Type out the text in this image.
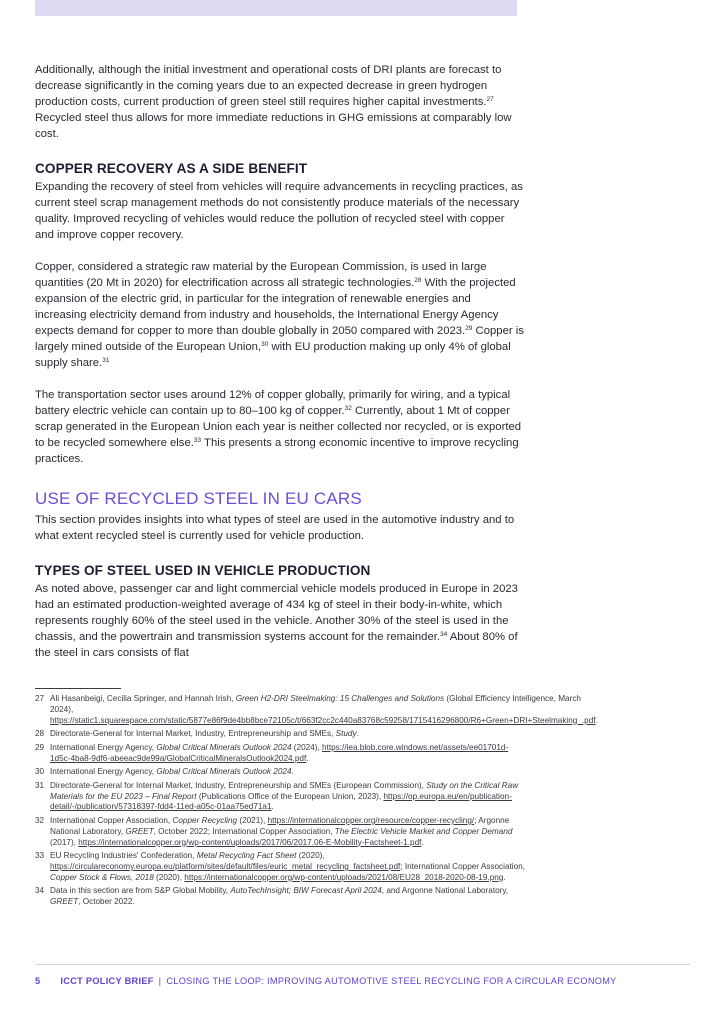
Additionally, although the initial investment and operational costs of DRI plants are forecast to decrease significantly in the coming years due to an expected decrease in green hydrogen production costs, current production of green steel still requires higher capital investments.$^{27}$ Recycled steel thus allows for more immediate reductions in GHG emissions at comparably low cost.

COPPER RECOVERY AS A SIDE BENEFIT

Expanding the recovery of steel from vehicles will require advancements in recycling practices, as current steel scrap management methods do not consistently produce materials of the necessary quality. Improved recycling of vehicles would reduce the pollution of recycled steel with copper and improve copper recovery.

Copper, considered a strategic raw material by the European Commission, is used in large quantities (20 Mt in 2020) for electrification across all strategic technologies.$^{28}$ With the projected expansion of the electric grid, in particular for the integration of renewable energies and increasing electricity demand from industry and households, the International Energy Agency expects demand for copper to more than double globally in 2050 compared with 2023.29 Copper is largely mined outside of the European Union,$^{30}$ with EU production making up only 4% of global supply share.$^{31}$

The transportation sector uses around 12% of copper globally, primarily for wiring, and a typical battery electric vehicle can contain up to 80–100 kg of copper.$^{32}$ Currently, about 1 Mt of copper scrap generated in the European Union each year is neither collected nor recycled, or is exported to be recycled somewhere else.$^{33}$ This presents a strong economic incentive to improve recycling practices.

USE OF RECYCLED STEEL IN EU CARS

This section provides insights into what types of steel are used in the automotive industry and to what extent recycled steel is currently used for vehicle production.

TYPES OF STEEL USED IN VEHICLE PRODUCTION

As noted above, passenger car and light commercial vehicle models produced in Europe in 2023 had an estimated production-weighted average of 434 kg of steel in their body-in-white, which represents roughly 60% of the steel used in the vehicle. Another 30% of the steel is used in the chassis, and the powertrain and transmission systems account for the remainder.$^{34}$ About 80% of the steel in cars consists of flat

27 Ali Hasanbeigi, Cecilia Springer, and Hannah Irish, Green H2-DRI Steelmaking: 15 Challenges and Solutions (Global Efficiency Intelligence, March 2024), https://static1.squarespace.com/static/5877e86f9de4bb8bce72105c/t/663f2cc2c440a83768c59258/1715416296800/R6+Green+DRI+Steelmaking_.pdf.
28 Directorate-General for Internal Market, Industry, Entrepreneurship and SMEs, Study.
29 International Energy Agency, Global Critical Minerals Outlook 2024 (2024), https://iea.blob.core.windows.net/assets/ee01701d-1d5c-4ba8-9df6-abeeac9de99a/GlobalCriticalMineralsOutlook2024.pdf.
30 International Energy Agency, Global Critical Minerals Outlook 2024.
31 Directorate-General for Internal Market, Industry, Entrepreneurship and SMEs (European Commission), Study on the Critical Raw Materials for the EU 2023 – Final Report (Publications Office of the European Union, 2023), https://op.europa.eu/en/publication-detail/-/publication/57318397-fdd4-11ed-a05c-01aa75ed71a1.
32 International Copper Association, Copper Recycling (2021), https://internationalcopper.org/resource/copper-recycling/; Argonne National Laboratory, GREET, October 2022; International Copper Association, The Electric Vehicle Market and Copper Demand (2017), https://internationalcopper.org/wp-content/uploads/2017/06/2017.06-E-Mobility-Factsheet-1.pdf.
33 EU Recycling Industries' Confederation, Metal Recycling Fact Sheet (2020), https://circulareconomy.europa.eu/platform/sites/default/files/euric_metal_recycling_factsheet.pdf; International Copper Association, Copper Stock & Flows, 2018 (2020), https://internationalcopper.org/wp-content/uploads/2021/08/EU28_2018-2020-08-19.png.
34 Data in this section are from S&P Global Mobility, AutoTechInsight; BIW Forecast April 2024, and Argonne National Laboratory, GREET, October 2022.
5 ICCT POLICY BRIEF | CLOSING THE LOOP: IMPROVING AUTOMOTIVE STEEL RECYCLING FOR A CIRCULAR ECONOMY
